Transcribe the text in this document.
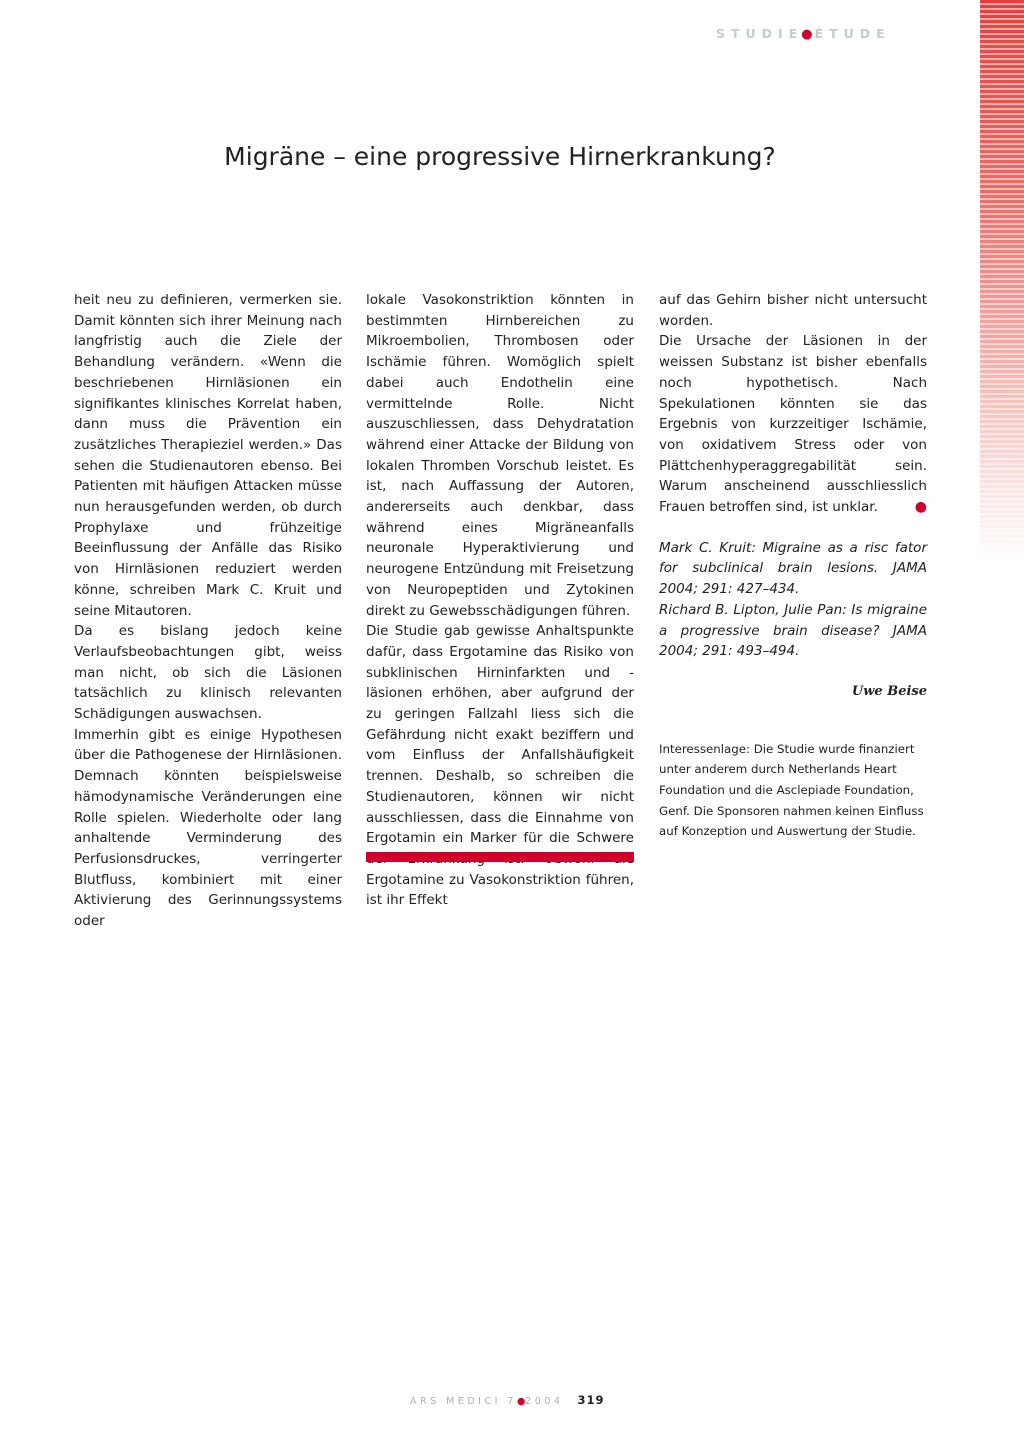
STUDIE● ÉTUDE
Migräne – eine progressive Hirnerkrankung?

heit neu zu definieren, vermerken sie. Damit könnten sich ihrer Meinung nach langfristig auch die Ziele der Behandlung verändern. «Wenn die beschriebenen Hirnläsionen ein signifikantes klinisches Korrelat haben, dann muss die Prävention ein zusätzliches Therapieziel werden.» Das sehen die Studienautoren ebenso. Bei Patienten mit häufigen Attacken müsse nun herausgefunden werden, ob durch Prophylaxe und frühzeitige Beeinflussung der Anfälle das Risiko von Hirnläsionen reduziert werden könne, schreiben Mark C. Kruit und seine Mitautoren.

Da es bislang jedoch keine Verlaufsbeobachtungen gibt, weiss man nicht, ob sich die Läsionen tatsächlich zu klinisch relevanten Schädigungen auswachsen.

Immerhin gibt es einige Hypothesen über die Pathogenese der Hirnläsionen. Demnach könnten beispielsweise hämodynamische Veränderungen eine Rolle spielen. Wiederholte oder lang anhaltende Verminderung des Perfusionsdruckes, verringerter Blutfluss, kombiniert mit einer Aktivierung des Gerinnungssystems oder

lokale Vasokonstriktion könnten in bestimmten Hirnbereichen zu Mikroembolien, Thrombosen oder Ischämie führen. Womöglich spielt dabei auch Endothelin eine vermittelnde Rolle. Nicht auszuschliessen, dass Dehydratation während einer Attacke der Bildung von lokalen Thromben Vorschub leistet. Es ist, nach Auffassung der Autoren, andererseits auch denkbar, dass während eines Migräneanfalls neuronale Hyperaktivierung und neurogene Entzündung mit Freisetzung von Neuropeptiden und Zytokinen direkt zu Gewebsschädigungen führen.

Die Studie gab gewisse Anhaltspunkte dafür, dass Ergotamine das Risiko von subklinischen Hirninfarkten und -läsionen erhöhen, aber aufgrund der zu geringen Fallzahl liess sich die Gefährdung nicht exakt beziffern und vom Einfluss der Anfallshäufigkeit trennen. Deshalb, so schreiben die Studienautoren, können wir nicht ausschliessen, dass die Einnahme von Ergotamin ein Marker für die Schwere Ergotamine zu Vasokonstriktion führen, ist ihr Effekt

auf das Gehirn bisher nicht untersucht worden.

Die Ursache der Läsionen in der weissen Substanz ist bisher ebenfalls noch hypothetisch. Nach Spekulationen könnten sie das Ergebnis von kurzzeitiger Ischämie, von oxidativem Stress oder von Plättchenhyperaggregabilität sein. Warum anscheinend ausschliesslich Frauen betroffen sind, ist unklar.	●

Mark C. Kruit: Migraine as a risc fator for subclinical brain lesions. JAMA 2004; 291: 427–434.
Richard B. Lipton, Julie Pan: Is migraine a progressive brain disease? JAMA 2004; 291: 493–494.

Uwe Beise

Interessenlage: Die Studie wurde finanziert unter anderem durch Netherlands Heart Foundation und die Asclepiade Foundation, Genf. Die Sponsoren nahmen keinen Einfluss auf Konzeption und Auswertung der Studie.

ARS MEDICI 7●2004 319
